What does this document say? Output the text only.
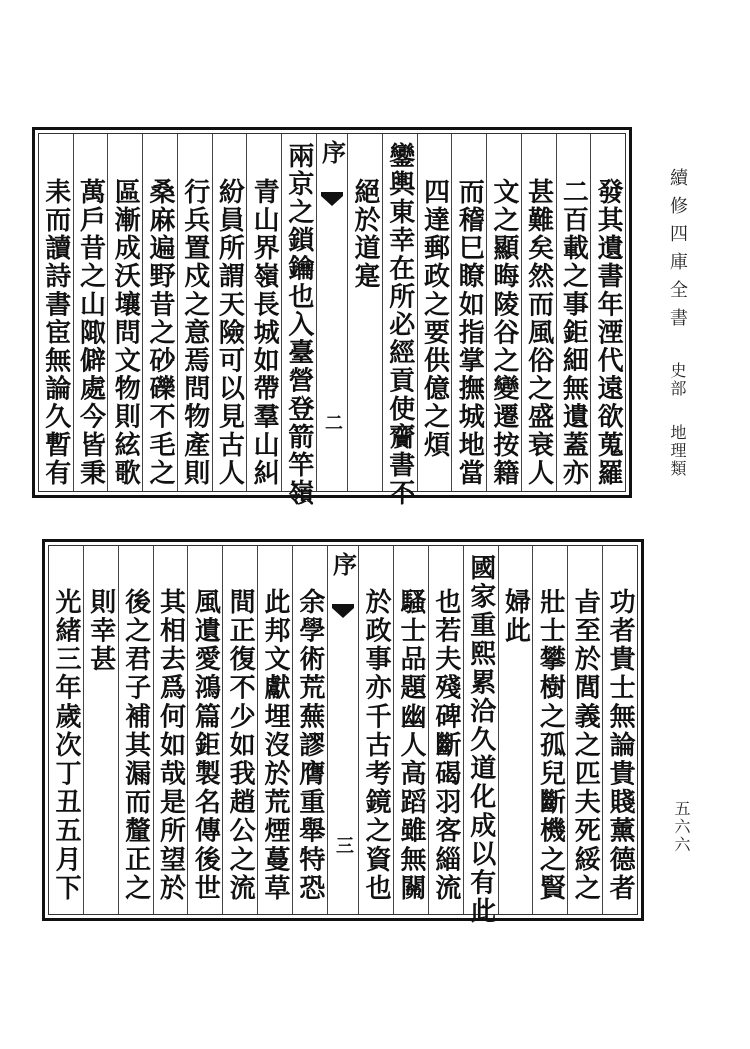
續修四庫全書史部地理類
五六六
發其遺書年湮代遠欲蒐羅
二百載之事鉅細無遺蓋亦
甚難矣然而風俗之盛衰人
文之顯晦陵谷之變遷按籍
而稽巳瞭如指掌撫城地當
四達郵政之要供億之煩
鑾輿東幸在所必經貢使齎書不
絕於道寔
序
二
兩京之鎖鑰也入臺營登箭竿嶺
青山界嶺長城如帶羣山糾
紛員所謂天險可以見古人
行兵置戍之意焉問物產則
桑麻遍野昔之砂礫不毛之
區漸成沃壤問文物則絃歌
萬戶昔之山陬僻處今皆秉
耒而讀詩書宦無論久暫有
功者貴士無論貴賤薰德者
㫖至於閭義之匹夫死綏之
壯士攀樹之孤兒斷機之賢
婦此
國家重熙累洽久道化成以有此
也若夫殘碑斷碣羽客緇流
騷士品題幽人高蹈雖無關
於政事亦千古考鏡之資也
序
三
余學術荒蕪謬膺重舉特恐
此邦文獻埋沒於荒煙蔓草
間正復不少如我趙公之流
風遺愛鴻篇鉅製名傳後世
其相去爲何如哉是所望於
後之君子補其漏而釐正之
則幸甚
光緒三年歲次丁丑五月下
